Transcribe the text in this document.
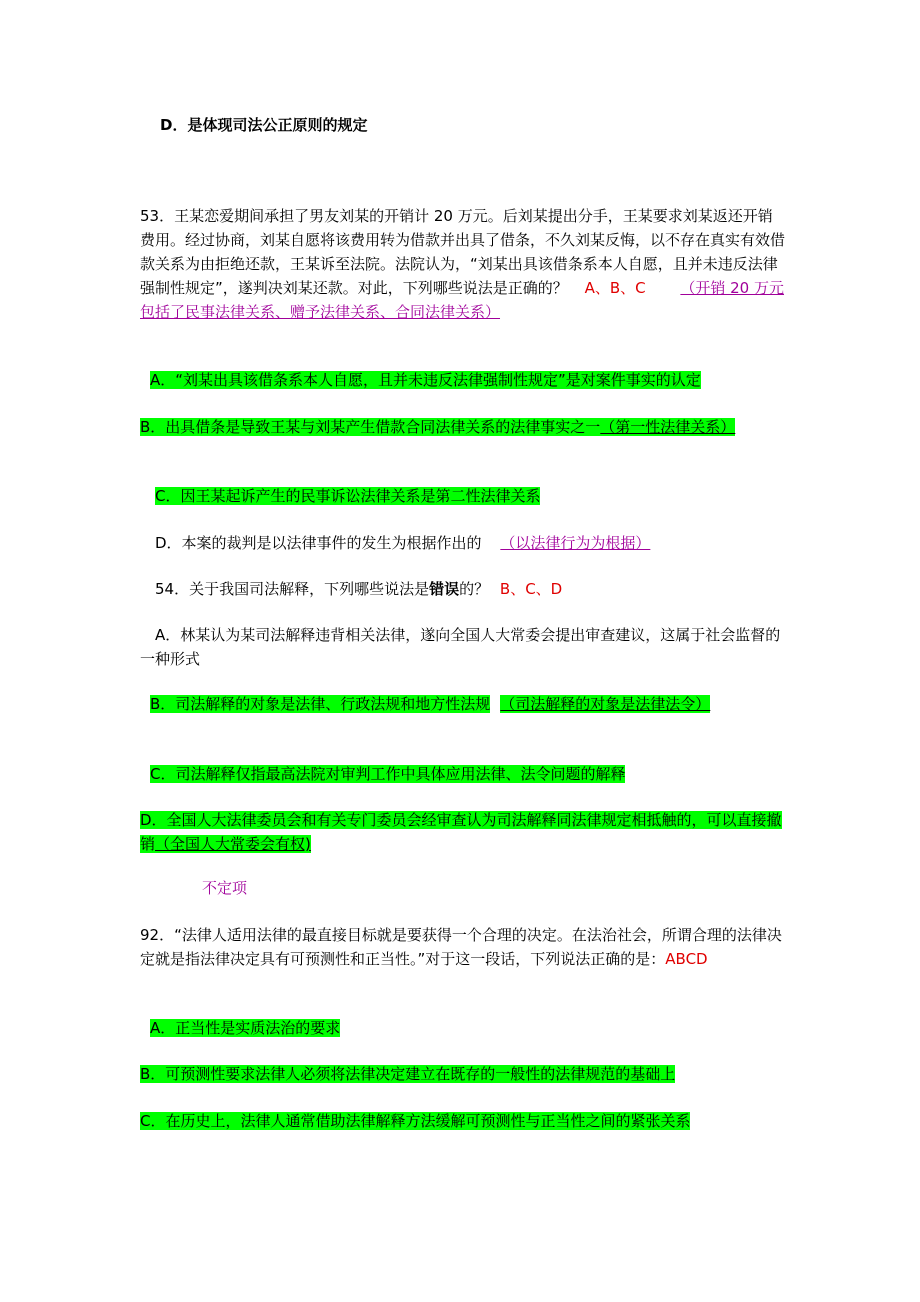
D．是体现司法公正原则的规定
53．王某恋爱期间承担了男友刘某的开销计 20 万元。后刘某提出分手，王某要求刘某返还开销费用。经过协商，刘某自愿将该费用转为借款并出具了借条，不久刘某反悔，以不存在真实有效借款关系为由拒绝还款，王某诉至法院。法院认为，“刘某出具该借条系本人自愿，且并未违反法律强制性规定”，遂判决刘某还款。对此，下列哪些说法是正确的？ A、B、C （开销 20 万元 包括了民事法律关系、赠予法律关系、合同法律关系）
A．“刘某出具该借条系本人自愿，且并未违反法律强制性规定”是对案件事实的认定
B．出具借条是导致王某与刘某产生借款合同法律关系的法律事实之一（第一性法律关系）
C．因王某起诉产生的民事诉讼法律关系是第二性法律关系
D．本案的裁判是以法律事件的发生为根据作出的 （以法律行为为根据）
54．关于我国司法解释，下列哪些说法是错误的？ B、C、D
A．林某认为某司法解释违背相关法律，遂向全国人大常委会提出审查建议，这属于社会监督的一种形式
B．司法解释的对象是法律、行政法规和地方性法规 （司法解释的对象是法律法令）
C．司法解释仅指最高法院对审判工作中具体应用法律、法令问题的解释
D．全国人大法律委员会和有关专门委员会经审查认为司法解释同法律规定相抵触的，可以直接撤销（全国人大常委会有权)
不定项
92．“法律人适用法律的最直接目标就是要获得一个合理的决定。在法治社会，所谓合理的法律决定就是指法律决定具有可预测性和正当性。”对于这一段话，下列说法正确的是：ABCD
A．正当性是实质法治的要求
B．可预测性要求法律人必须将法律决定建立在既存的一般性的法律规范的基础上
C．在历史上，法律人通常借助法律解释方法缓解可预测性与正当性之间的紧张关系
